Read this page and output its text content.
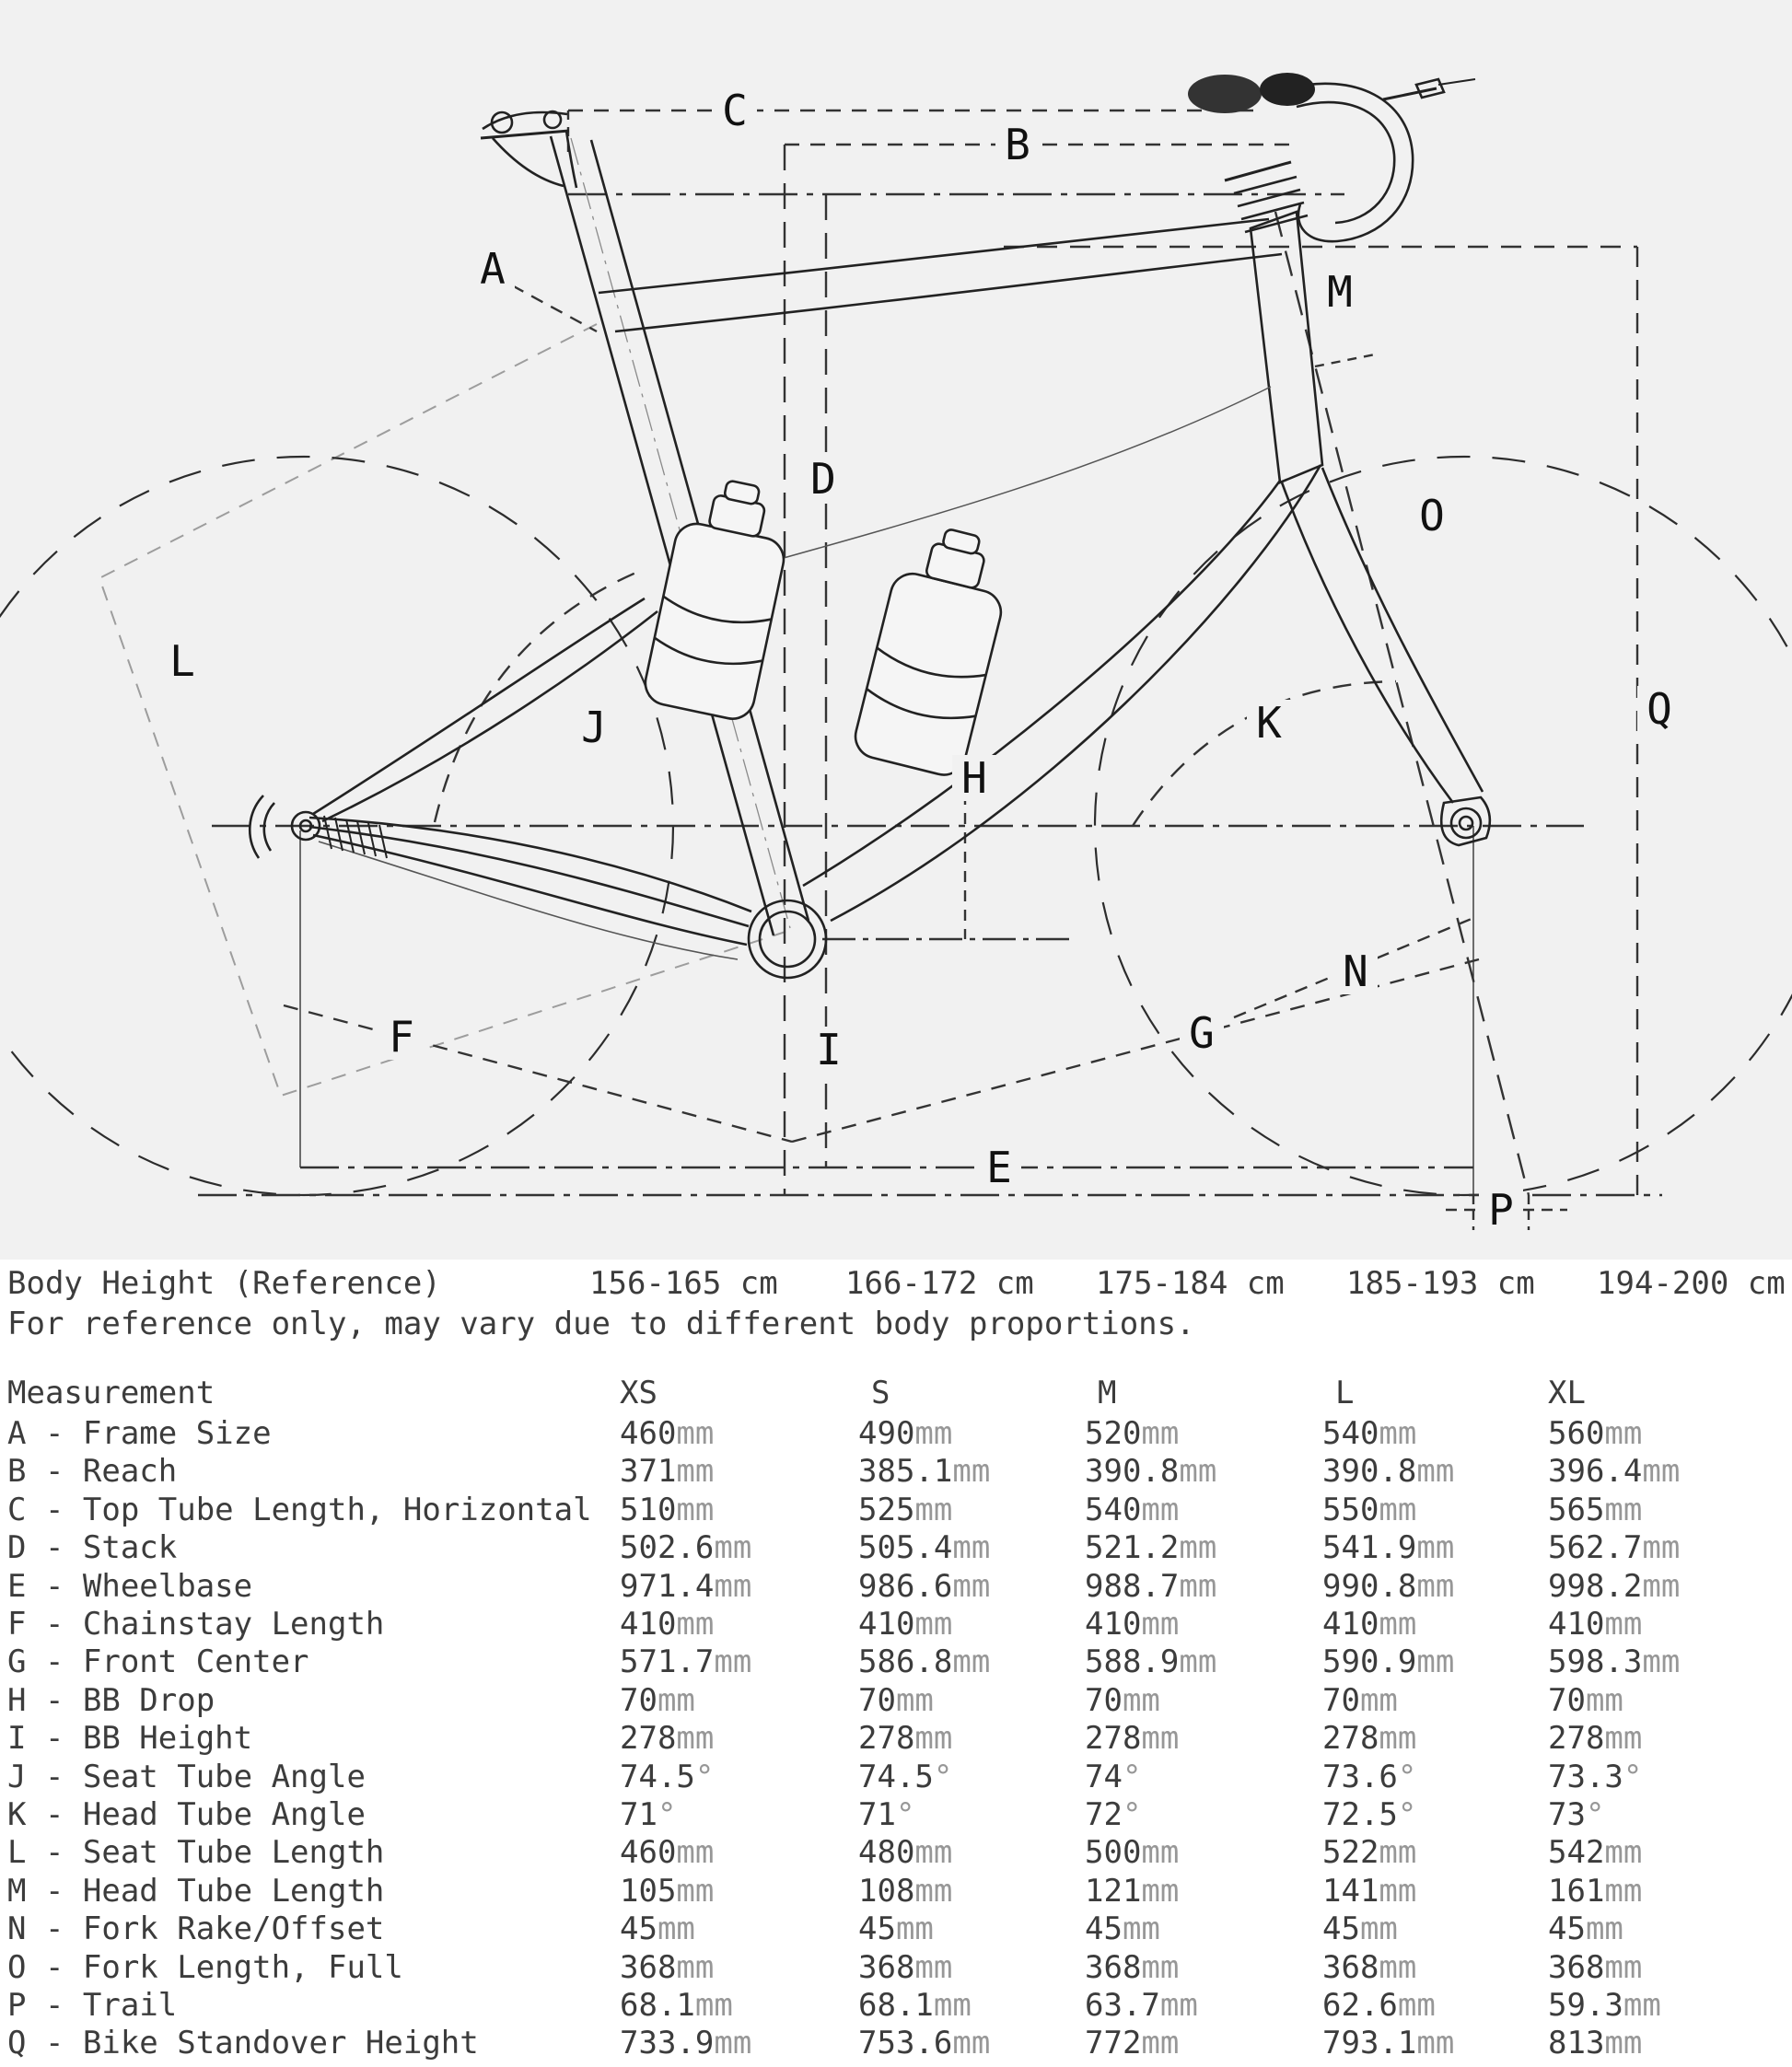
A
B
C
D
E
F	G
H
I
J	K
L
M
N
O
P
Q
Body Height (Reference)	156-165 cm 166-172 cm 175-184 cm 185-193 cm 194-200 cm
For reference only, may vary due to different body proportions.
Measurement	XS	S	M	L	XL
A - Frame Size	460mm	490mm	520mm	540mm	560mm
B - Reach	371mm	385.1mm	390.8mm	390.8mm	396.4mm
C - Top Tube Length, Horizontal 510mm	525mm	540mm	550mm	565mm
D - Stack	502.6mm	505.4mm	521.2mm	541.9mm	562.7mm
E - Wheelbase	971.4mm	986.6mm	988.7mm	990.8mm	998.2mm
F - Chainstay Length	410mm	410mm	410mm	410mm	410mm
G - Front Center	571.7mm	586.8mm	588.9mm	590.9mm	598.3mm
H - BB Drop	70mm	70mm	70mm	70mm	70mm
I - BB Height	278mm	278mm	278mm	278mm	278mm
J - Seat Tube Angle	74.5°	74.5°	74°	73.6°	73.3°
K - Head Tube Angle	71°	71°	72°	72.5°	73°
L - Seat Tube Length	460mm	480mm	500mm	522mm	542mm
M - Head Tube Length	105mm	108mm	121mm	141mm	161mm
N - Fork Rake/Offset	45mm	45mm	45mm	45mm	45mm
O - Fork Length, Full	368mm	368mm	368mm	368mm	368mm
P - Trail	68.1mm	68.1mm	63.7mm	62.6mm	59.3mm
Q - Bike Standover Height	733.9mm	753.6mm	772mm	793.1mm	813mm
